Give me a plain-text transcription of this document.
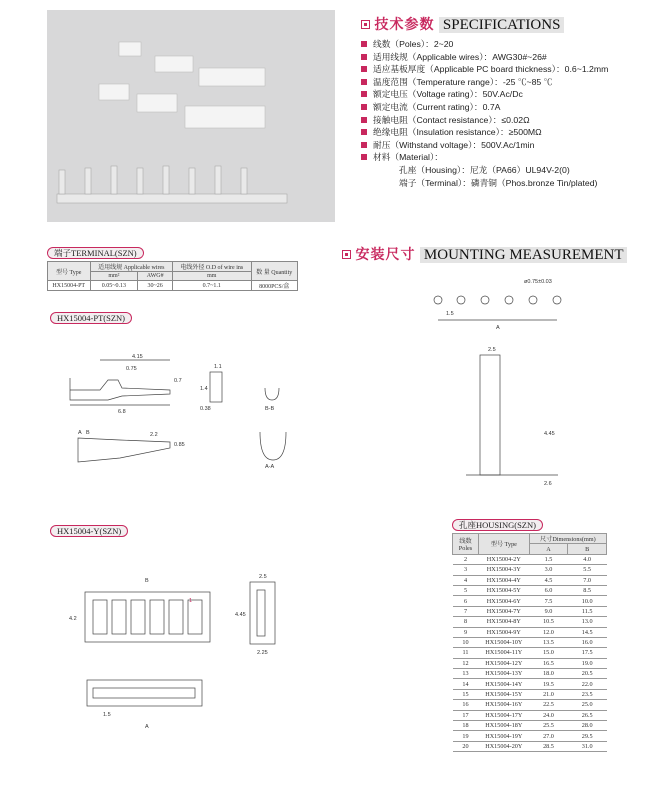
技术参数 SPECIFICATIONS
线数（Poles）：2~20
适用线规（Applicable wires）：AWG30#~26#
适应基板厚度（Applicable PC board thickness）：0.6~1.2mm
温度范围（Temperature range）：-25 ℃~85 ℃
额定电压（Voltage rating）：50V.Ac/Dc
额定电流（Current rating）：0.7A
接触电阻（Contact resistance）：≤0.02Ω
绝缘电阻（Insulation resistance）：≥500MΩ
耐压（Withstand voltage）：500V.Ac/1min
材料（Material）：
孔座（Housing）：尼龙（PA66）UL94V-2(0)
端子（Terminal）：磷青铜（Phos.bronze Tin/plated)
端子TERMINAL(SZN)
型号 Type	适用线规 Applicable wires		电线外径 O.D of wire ins	数 量 Quantity
	mm²	AWG#	mm	
HX15004-PT	0.05~0.13	30~26	0.7~1.1	8000PCS/盒
HX15004-PT(SZN)
4.15
0.75
6.8
0.7
1.1
1.4
0.38
2.2
0.85
B-B
A-A
A B
HX15004-Y(SZN)
B
1
4.2
2.5
4.45
2.25
1.5
A
安装尺寸 MOUNTING MEASUREMENT
ø0.75±0.03
1.5
A
2.5
4.45
2.6
孔座HOUSING(SZN)
线数 Poles	型号 Type	尺寸Dimensions(mm)	
		A	B
2	HX15004-2Y	1.5	4.0
3	HX15004-3Y	3.0	5.5
4	HX15004-4Y	4.5	7.0
5	HX15004-5Y	6.0	8.5
6	HX15004-6Y	7.5	10.0
7	HX15004-7Y	9.0	11.5
8	HX15004-8Y	10.5	13.0
9	HX15004-9Y	12.0	14.5
10	HX15004-10Y	13.5	16.0
11	HX15004-11Y	15.0	17.5
12	HX15004-12Y	16.5	19.0
13	HX15004-13Y	18.0	20.5
14	HX15004-14Y	19.5	22.0
15	HX15004-15Y	21.0	23.5
16	HX15004-16Y	22.5	25.0
17	HX15004-17Y	24.0	26.5
18	HX15004-18Y	25.5	28.0
19	HX15004-19Y	27.0	29.5
20	HX15004-20Y	28.5	31.0
